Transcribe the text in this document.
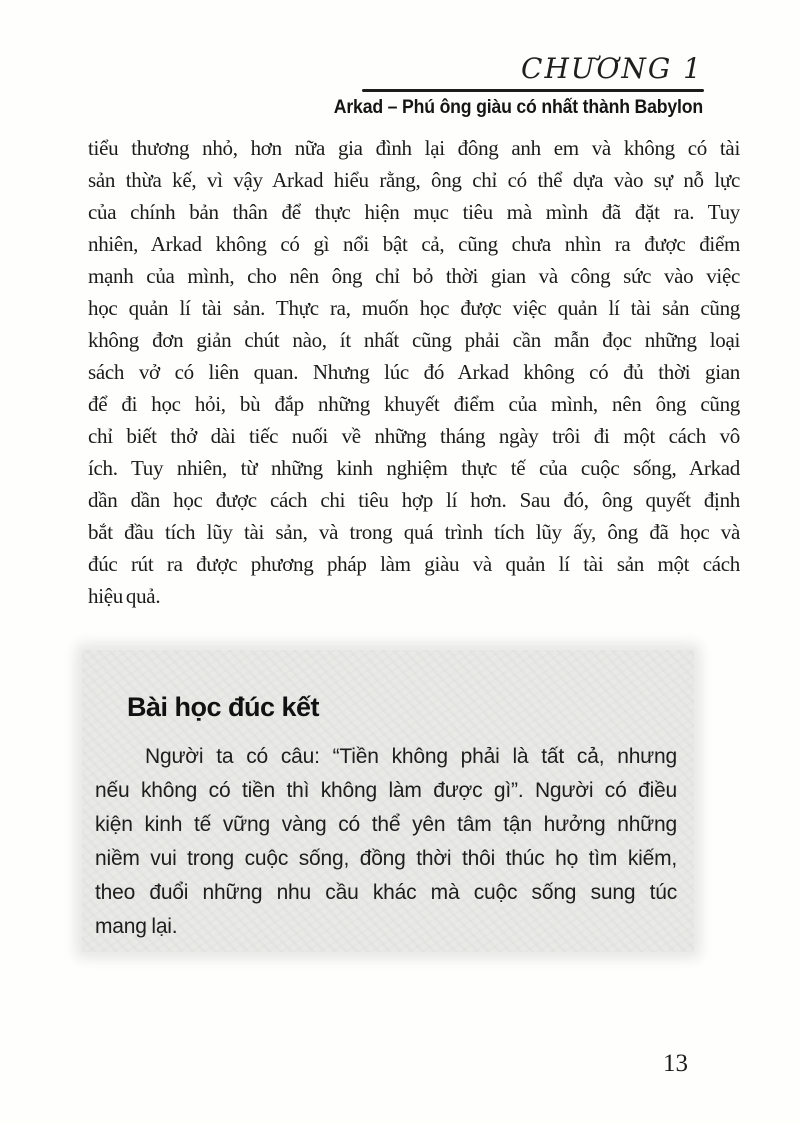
CHƯƠNG 1
Arkad – Phú ông giàu có nhất thành Babylon
tiểu thương nhỏ, hơn nữa gia đình lại đông anh em và không có tài
sản thừa kế, vì vậy Arkad hiểu rằng, ông chỉ có thể dựa vào sự nỗ lực
của chính bản thân để thực hiện mục tiêu mà mình đã đặt ra. Tuy
nhiên, Arkad không có gì nổi bật cả, cũng chưa nhìn ra được điểm
mạnh của mình, cho nên ông chỉ bỏ thời gian và công sức vào việc
học quản lí tài sản. Thực ra, muốn học được việc quản lí tài sản cũng
không đơn giản chút nào, ít nhất cũng phải cần mẫn đọc những loại
sách vở có liên quan. Nhưng lúc đó Arkad không có đủ thời gian
để đi học hỏi, bù đắp những khuyết điểm của mình, nên ông cũng
chỉ biết thở dài tiếc nuối về những tháng ngày trôi đi một cách vô
ích. Tuy nhiên, từ những kinh nghiệm thực tế của cuộc sống, Arkad
dần dần học được cách chi tiêu hợp lí hơn. Sau đó, ông quyết định
bắt đầu tích lũy tài sản, và trong quá trình tích lũy ấy, ông đã học và
đúc rút ra được phương pháp làm giàu và quản lí tài sản một cách
hiệu quả.
Bài học đúc kết
Người ta có câu: “Tiền không phải là tất cả, nhưng
nếu không có tiền thì không làm được gì”. Người có điều
kiện kinh tế vững vàng có thể yên tâm tận hưởng những
niềm vui trong cuộc sống, đồng thời thôi thúc họ tìm kiếm,
theo đuổi những nhu cầu khác mà cuộc sống sung túc
mang lại.
13
